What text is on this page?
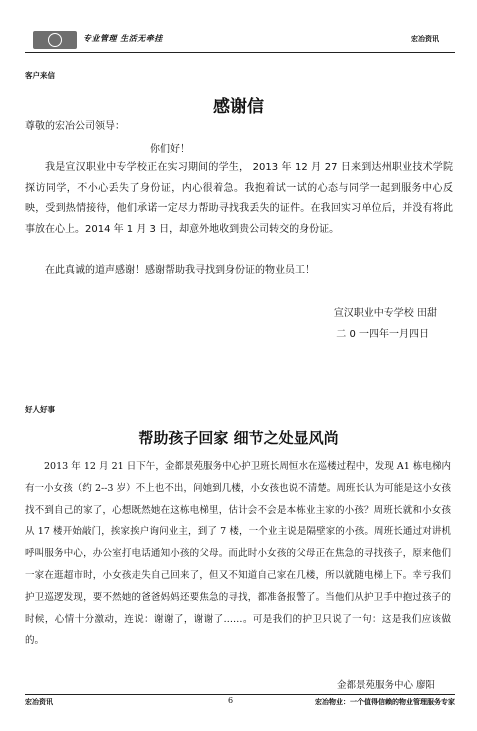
专业管理 生活无牵挂	宏冶资讯
客户来信
感谢信
尊敬的宏冶公司领导：
你们好！
我是宣汉职业中专学校正在实习期间的学生， 2013 年 12 月 27 日来到达州职业技术学院探访同学，不小心丢失了身份证，内心很着急。我抱着试一试的心态与同学一起到服务中心反映，受到热情接待，他们承诺一定尽力帮助寻找我丢失的证件。在我回实习单位后，并没有将此事放在心上。2014 年 1 月 3 日，却意外地收到贵公司转交的身份证。
在此真诚的道声感谢！感谢帮助我寻找到身份证的物业员工！
宣汉职业中专学校 田甜
二 0 一四年一月四日
好人好事
帮助孩子回家 细节之处显风尚
2013 年 12 月 21 日下午，金都景苑服务中心护卫班长周恒水在巡楼过程中，发现 A1 栋电梯内有一小女孩（约 2--3 岁）不上也不出，问她到几楼，小女孩也说不清楚。周班长认为可能是这小女孩找不到自己的家了，心想既然她在这栋电梯里，估计会不会是本栋业主家的小孩？周班长就和小女孩从 17 楼开始敲门，挨家挨户询问业主，到了 7 楼，一个业主说是隔壁家的小孩。周班长通过对讲机呼叫服务中心，办公室打电话通知小孩的父母。而此时小女孩的父母正在焦急的寻找孩子，原来他们一家在逛超市时，小女孩走失自己回来了，但又不知道自己家在几楼，所以就随电梯上下。幸亏我们护卫巡逻发现，要不然她的爸爸妈妈还要焦急的寻找，都准备报警了。当他们从护卫手中抱过孩子的时候，心情十分激动，连说：谢谢了，谢谢了……。可是我们的护卫只说了一句：这是我们应该做的。
金都景苑服务中心 廖阳
宏冶资讯	6	宏冶物业：一个值得信赖的物业管理服务专家
